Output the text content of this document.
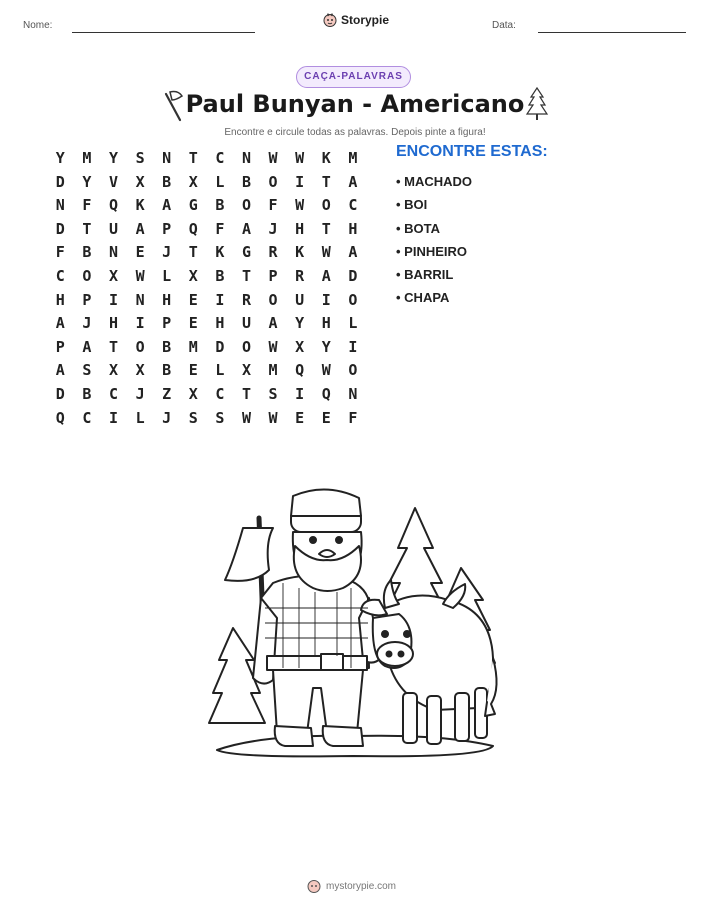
Nome:	Storypie	Data:
CAÇA-PALAVRAS
Paul Bunyan - Americano
Encontre e circule todas as palavras. Depois pinte a figura!
Y	M	Y	S	N	T	C	N	W	W	K	M
D	Y	V	X	B	X	L	B	O	I	T	A
N	F	Q	K	A	G	B	O	F	W	O	C
D	T	U	A	P	Q	F	A	J	H	T	H
F	B	N	E	J	T	K	G	R	K	W	A
C	O	X	W	L	X	B	T	P	R	A	D
H	P	I	N	H	E	I	R	O	U	I	O
A	J	H	I	P	E	H	U	A	Y	H	L
P	A	T	O	B	M	D	O	W	X	Y	I
A	S	X	X	B	E	L	X	M	Q	W	O
D	B	C	J	Z	X	C	T	S	I	Q	N
Q	C	I	L	J	S	S	W	W	E	E	F
ENCONTRE ESTAS:
• MACHADO
• BOI
• BOTA
• PINHEIRO
• BARRIL
• CHAPA
mystorypie.com
